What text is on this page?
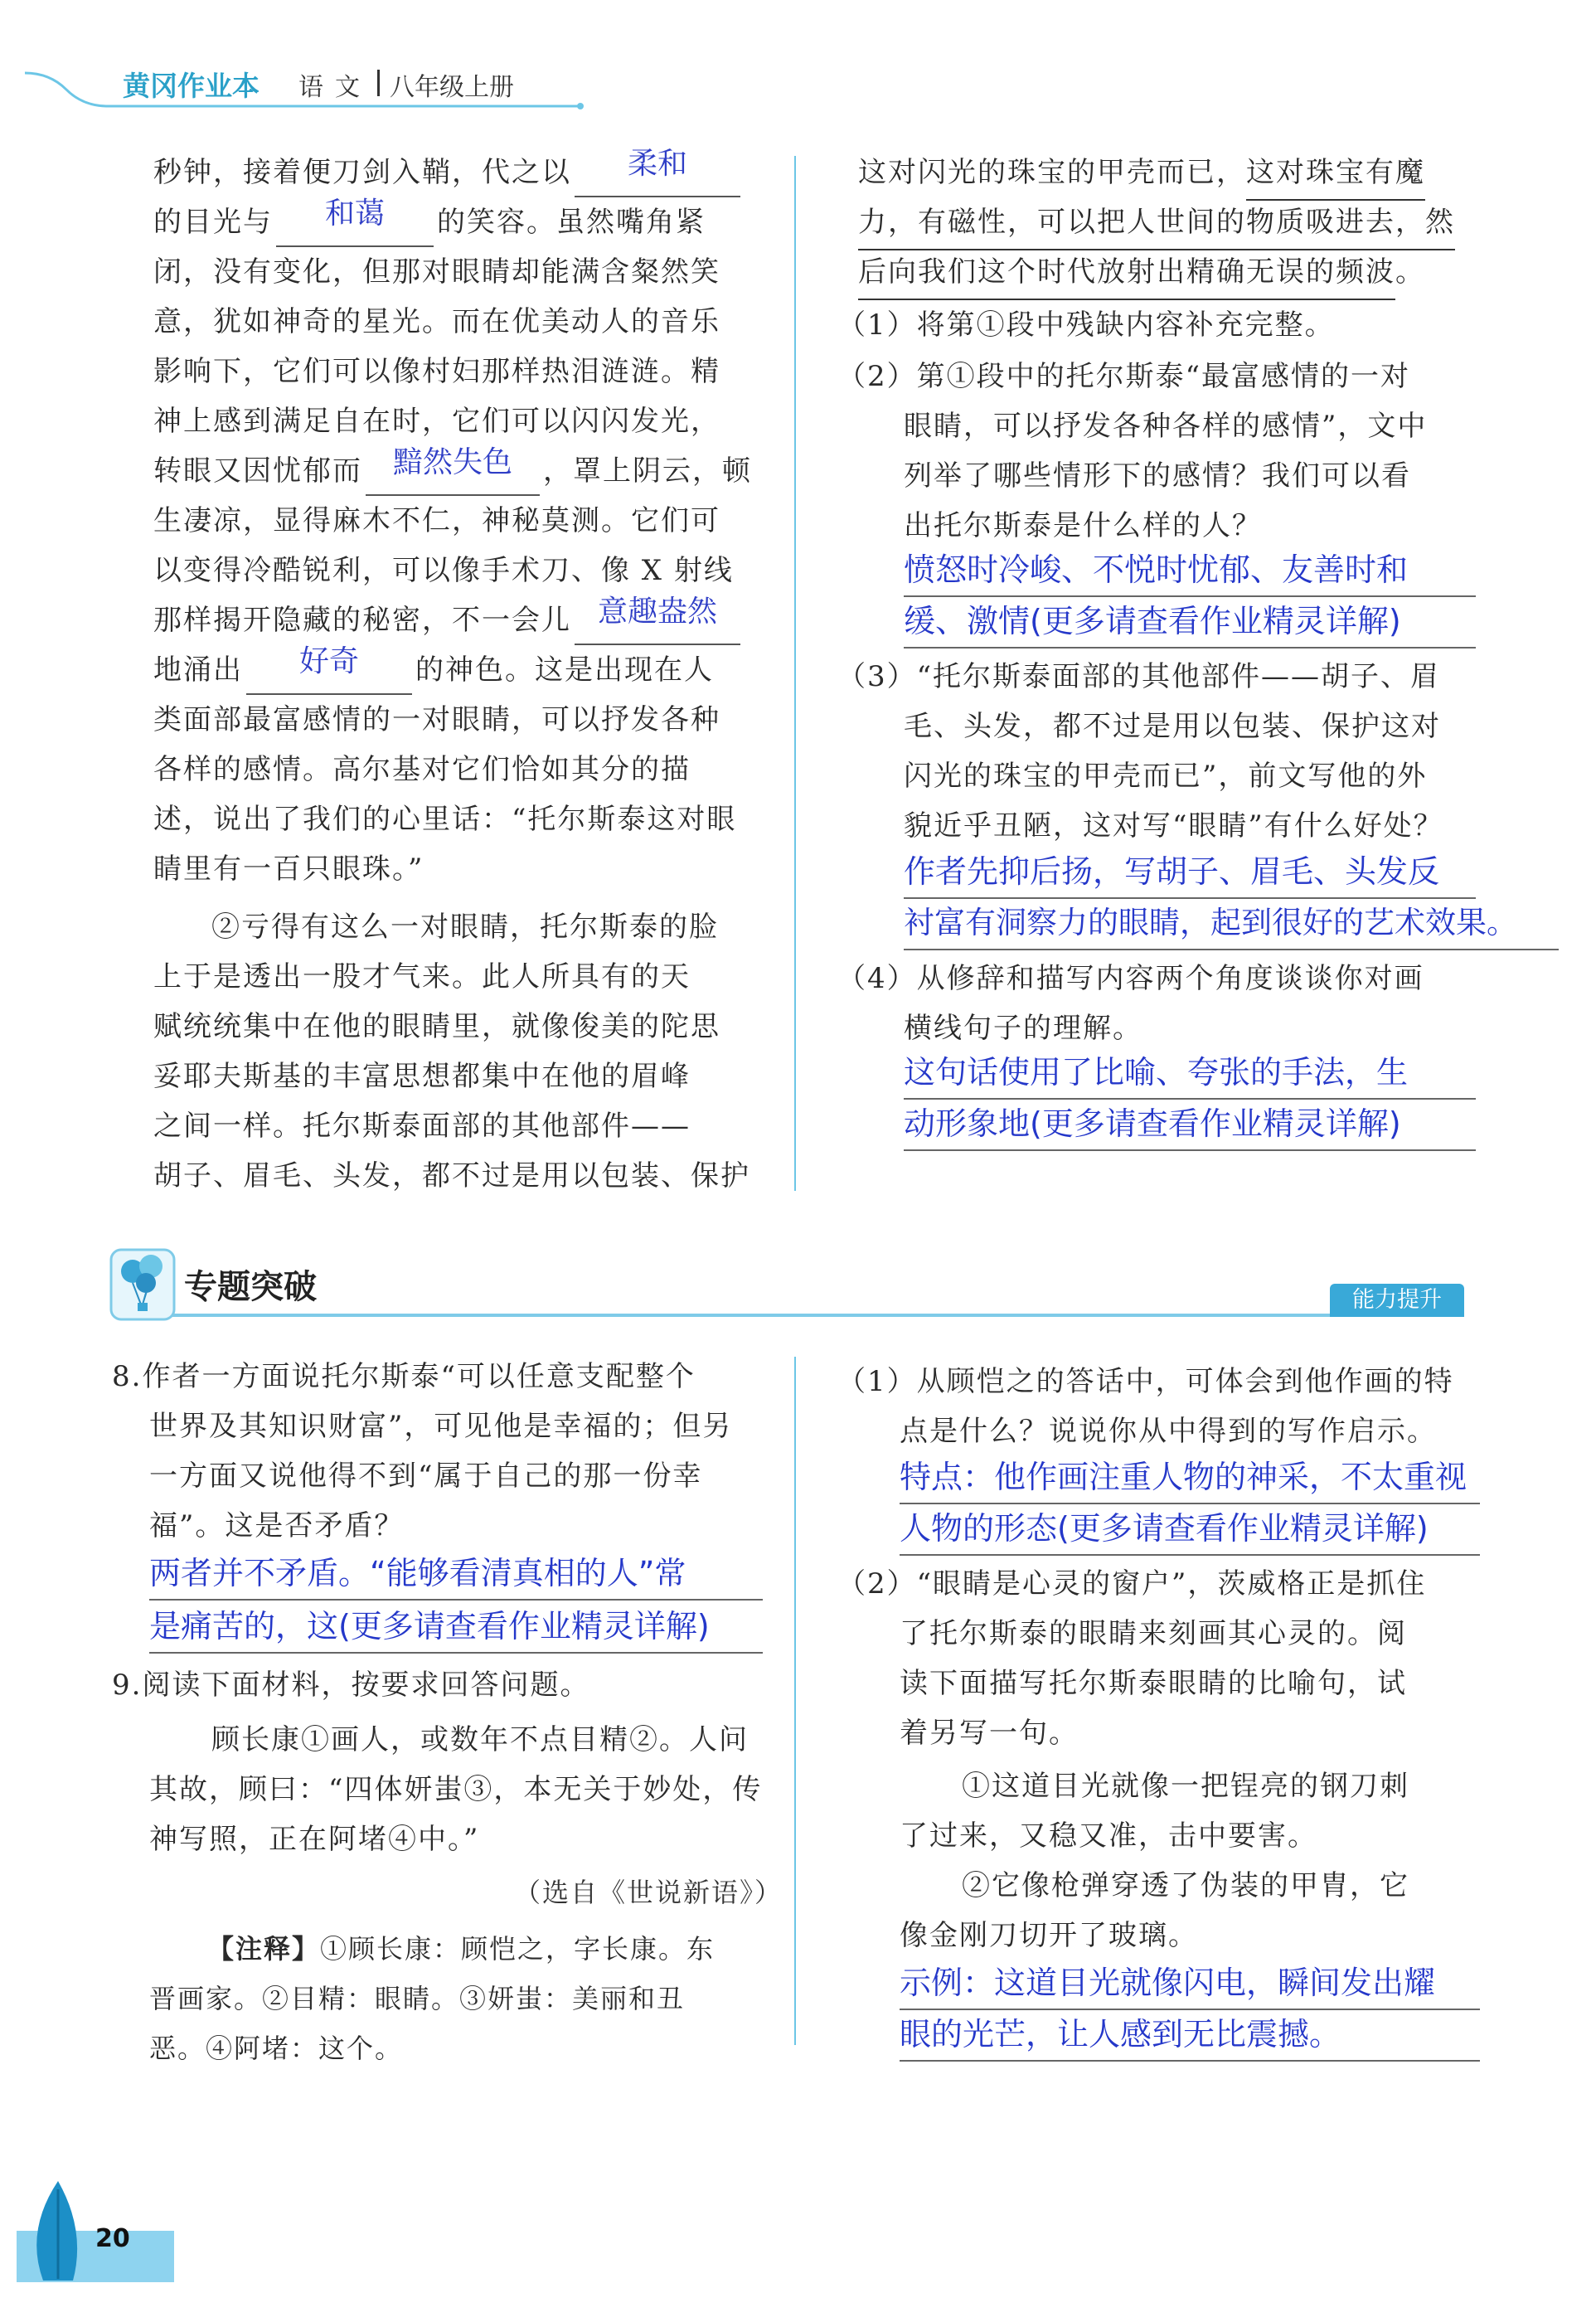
黄冈作业本 语文 八年级上册
秒钟，接着便刀剑入鞘，代之以	柔和
的目光与	和蔼	的笑容。虽然嘴角紧
闭，没有变化，但那对眼睛却能满含粲然笑
意，犹如神奇的星光。而在优美动人的音乐
影响下，它们可以像村妇那样热泪涟涟。精
神上感到满足自在时，它们可以闪闪发光，
转眼又因忧郁而	黯然失色	，罩上阴云，顿
生凄凉，显得麻木不仁，神秘莫测。它们可
以变得冷酷锐利，可以像手术刀、像 X 射线
那样揭开隐藏的秘密，不一会儿 意趣盎然
地涌出	好奇	的神色。这是出现在人
类面部最富感情的一对眼睛，可以抒发各种
各样的感情。高尔基对它们恰如其分的描
述，说出了我们的心里话：“托尔斯泰这对眼
睛里有一百只眼珠。”
②亏得有这么一对眼睛，托尔斯泰的脸
上于是透出一股才气来。此人所具有的天
赋统统集中在他的眼睛里，就像俊美的陀思
妥耶夫斯基的丰富思想都集中在他的眉峰
之间一样。托尔斯泰面部的其他部件——
胡子、眉毛、头发，都不过是用以包装、保护
这对闪光的珠宝的甲壳而已，这对珠宝有魔
力，有磁性，可以把人世间的物质吸进去，然
后向我们这个时代放射出精确无误的频波。
（1）将第①段中残缺内容补充完整。
（2）第①段中的托尔斯泰“最富感情的一对
眼睛，可以抒发各种各样的感情”，文中
列举了哪些情形下的感情？我们可以看
出托尔斯泰是什么样的人？
愤怒时冷峻、不悦时忧郁、友善时和
缓、激情(更多请查看作业精灵详解)
（3）“托尔斯泰面部的其他部件——胡子、眉
毛、头发，都不过是用以包装、保护这对
闪光的珠宝的甲壳而已”，前文写他的外
貌近乎丑陋，这对写“眼睛”有什么好处？
作者先抑后扬，写胡子、眉毛、头发反
衬富有洞察力的眼睛，起到很好的艺术效果。
（4）从修辞和描写内容两个角度谈谈你对画
横线句子的理解。
这句话使用了比喻、夸张的手法，生
动形象地(更多请查看作业精灵详解)
专题突破	能力提升
8.作者一方面说托尔斯泰“可以任意支配整个
世界及其知识财富”，可见他是幸福的；但另
一方面又说他得不到“属于自己的那一份幸
福”。这是否矛盾？
两者并不矛盾。“能够看清真相的人”常
是痛苦的，这(更多请查看作业精灵详解)
9.阅读下面材料，按要求回答问题。
顾长康①画人，或数年不点目精②。人问
其故，顾曰：“四体妍蚩③，本无关于妙处，传
神写照，正在阿堵④中。”
（选自《世说新语》）
【注释】①顾长康：顾恺之，字长康。东
晋画家。②目精：眼睛。③妍蚩：美丽和丑
恶。④阿堵：这个。
（1）从顾恺之的答话中，可体会到他作画的特
点是什么？说说你从中得到的写作启示。
特点：他作画注重人物的神采，不太重视
人物的形态(更多请查看作业精灵详解)
（2）“眼睛是心灵的窗户”，茨威格正是抓住
了托尔斯泰的眼睛来刻画其心灵的。阅
读下面描写托尔斯泰眼睛的比喻句，试
着另写一句。
①这道目光就像一把锃亮的钢刀刺
了过来，又稳又准，击中要害。
②它像枪弹穿透了伪装的甲胄，它
像金刚刀切开了玻璃。
示例：这道目光就像闪电，瞬间发出耀
眼的光芒，让人感到无比震撼。
20
